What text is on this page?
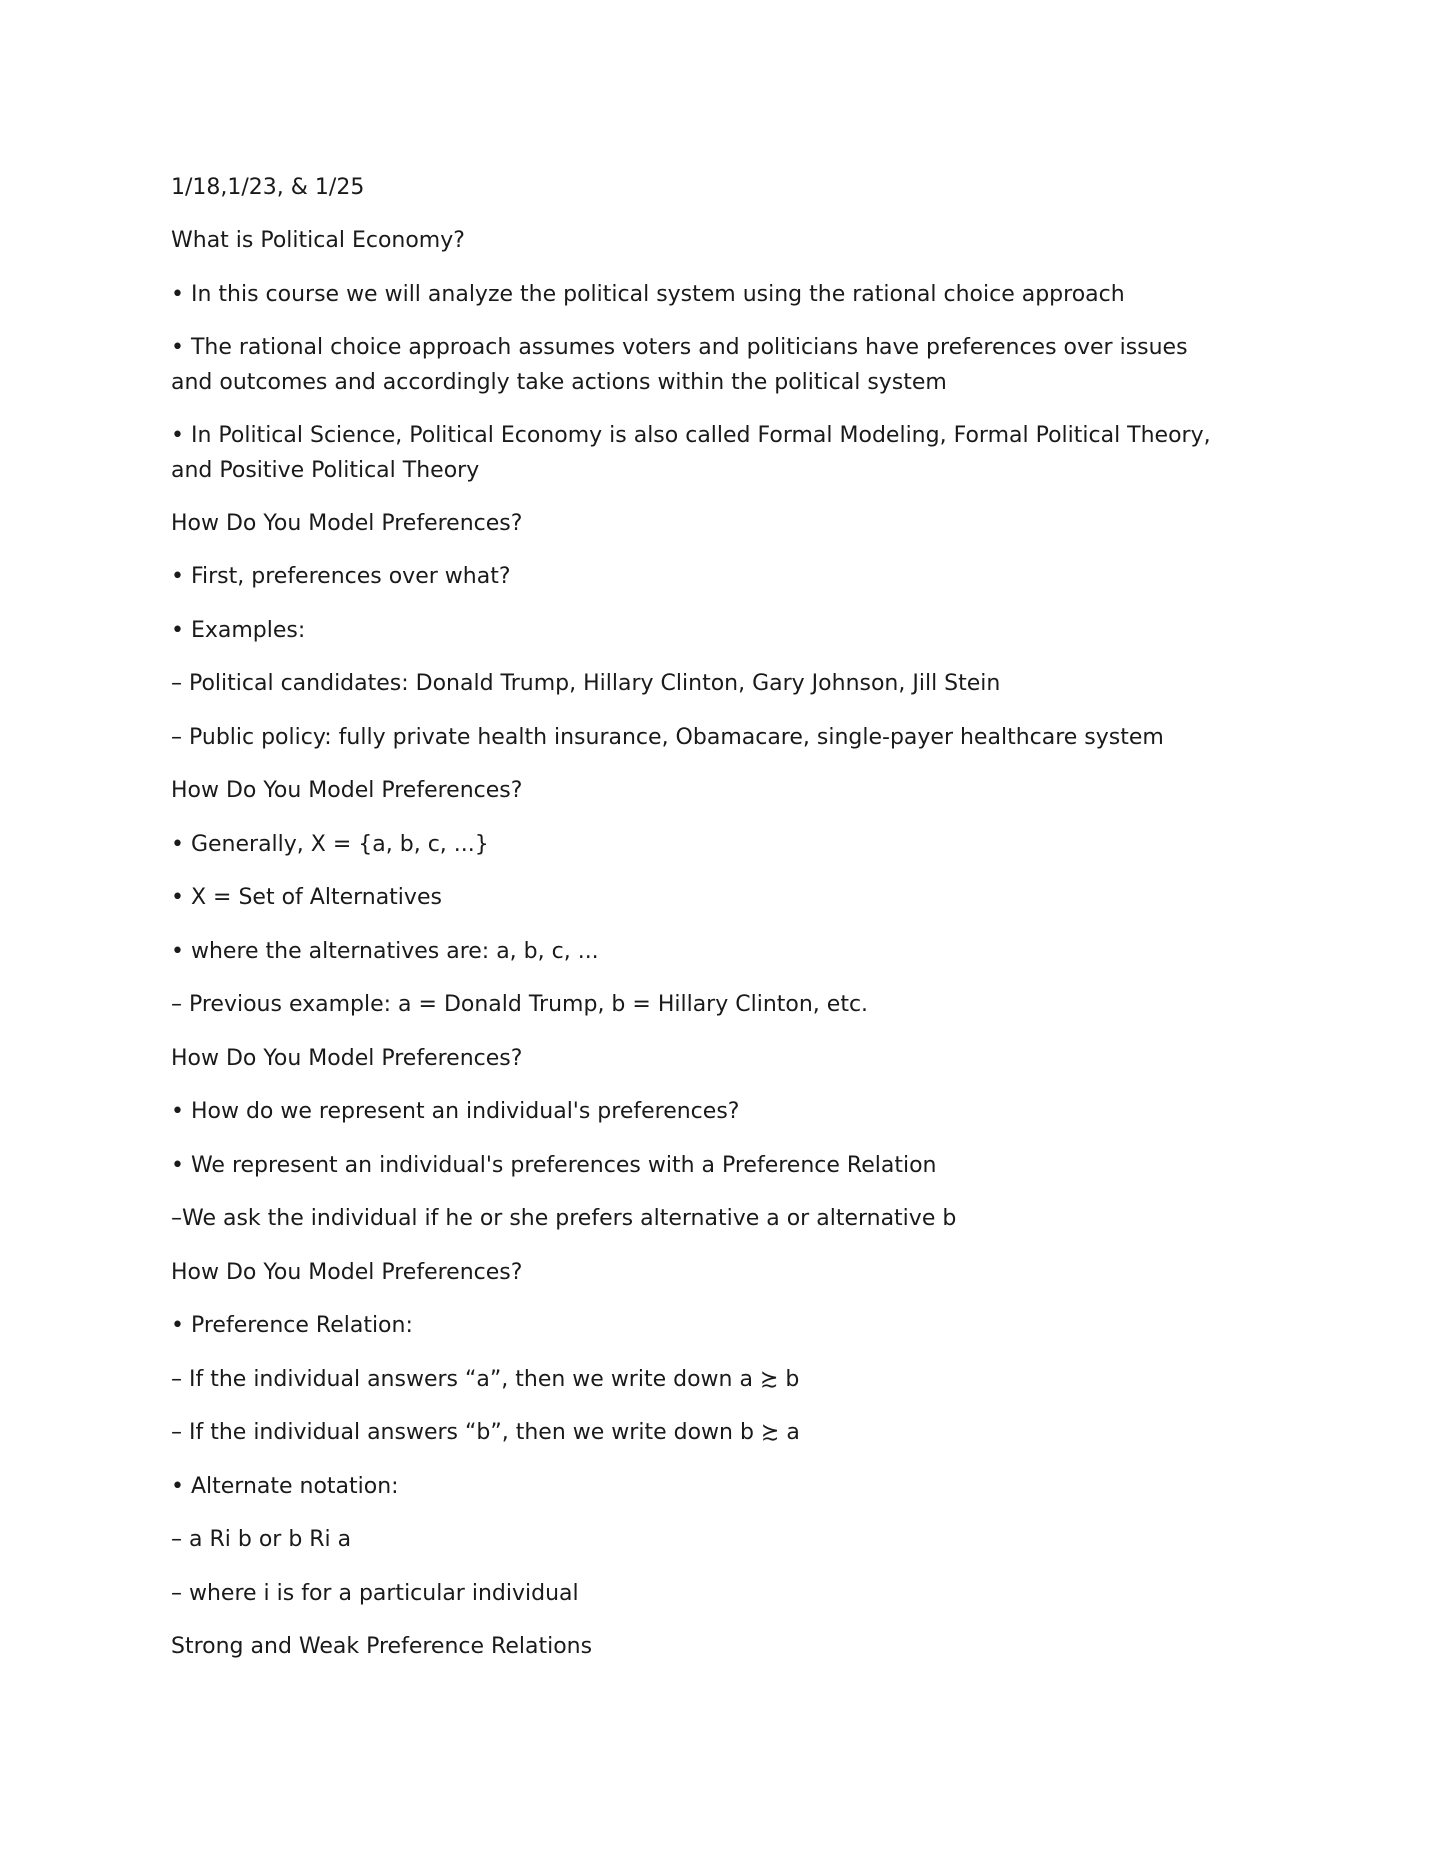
1/18,1/23, & 1/25
What is Political Economy?
• In this course we will analyze the political system using the rational choice approach
• The rational choice approach assumes voters and politicians have preferences over issues and outcomes and accordingly take actions within the political system
• In Political Science, Political Economy is also called Formal Modeling, Formal Political Theory, and Positive Political Theory
How Do You Model Preferences?
• First, preferences over what?
• Examples:
– Political candidates: Donald Trump, Hillary Clinton, Gary Johnson, Jill Stein
– Public policy: fully private health insurance, Obamacare, single-payer healthcare system
How Do You Model Preferences?
• Generally, X = {a, b, c, ...}
• X = Set of Alternatives
• where the alternatives are: a, b, c, ...
– Previous example: a = Donald Trump, b = Hillary Clinton, etc.
How Do You Model Preferences?
• How do we represent an individual's preferences?
• We represent an individual's preferences with a Preference Relation
–We ask the individual if he or she prefers alternative a or alternative b
How Do You Model Preferences?
• Preference Relation:
– If the individual answers “a”, then we write down a ≿ b
– If the individual answers “b”, then we write down b ≿ a
• Alternate notation:
– a Ri b or b Ri a
– where i is for a particular individual
Strong and Weak Preference Relations
